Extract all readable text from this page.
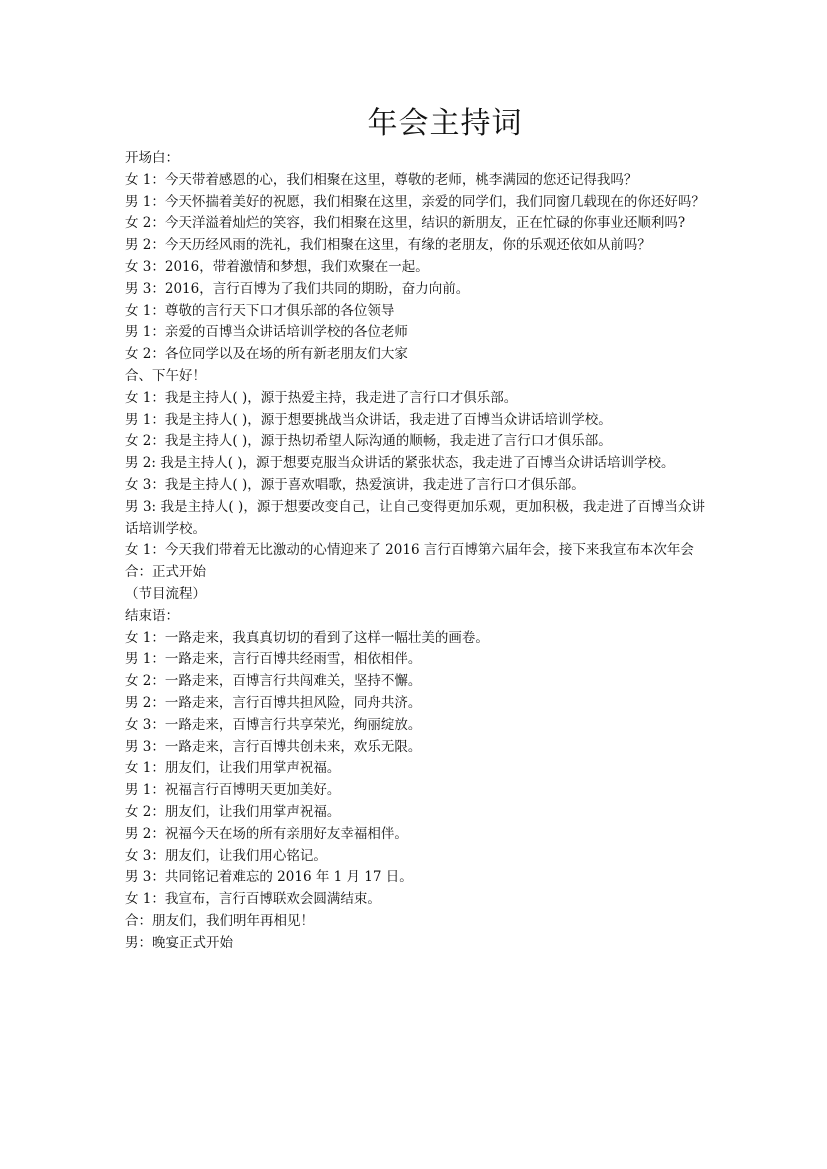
年会主持词

开场白：

女 1：今天带着感恩的心，我们相聚在这里，尊敬的老师，桃李满园的您还记得我吗？

男 1：今天怀揣着美好的祝愿，我们相聚在这里，亲爱的同学们，我们同窗几载现在的你还好吗？

女 2：今天洋溢着灿烂的笑容，我们相聚在这里，结识的新朋友，正在忙碌的你事业还顺利吗?

男 2：今天历经风雨的洗礼，我们相聚在这里，有缘的老朋友，你的乐观还依如从前吗？

女 3：2016，带着激情和梦想，我们欢聚在一起。

男 3：2016，言行百博为了我们共同的期盼，奋力向前。

女 1：尊敬的言行天下口才俱乐部的各位领导

男 1：亲爱的百博当众讲话培训学校的各位老师

女 2：各位同学以及在场的所有新老朋友们大家

合、下午好！

女 1：我是主持人( )，源于热爱主持，我走进了言行口才俱乐部。

男 1：我是主持人( )，源于想要挑战当众讲话，我走进了百博当众讲话培训学校。

女 2：我是主持人( )，源于热切希望人际沟通的顺畅，我走进了言行口才俱乐部。

男 2: 我是主持人( )，源于想要克服当众讲话的紧张状态，我走进了百博当众讲话培训学校。

女 3：我是主持人( )，源于喜欢唱歌，热爱演讲，我走进了言行口才俱乐部。

男 3: 我是主持人( )，源于想要改变自己，让自己变得更加乐观，更加积极，我走进了百博当众讲话培训学校。

女 1：今天我们带着无比激动的心情迎来了 2016 言行百博第六届年会，接下来我宣布本次年会

合：正式开始

（节目流程）

结束语：

女 1：一路走来，我真真切切的看到了这样一幅壮美的画卷。

男 1：一路走来，言行百博共经雨雪，相依相伴。

女 2：一路走来，百博言行共闯难关，坚持不懈。

男 2：一路走来，言行百博共担风险，同舟共济。

女 3：一路走来，百博言行共享荣光，绚丽绽放。

男 3：一路走来，言行百博共创未来，欢乐无限。

女 1：朋友们，让我们用掌声祝福。

男 1：祝福言行百博明天更加美好。

女 2：朋友们，让我们用掌声祝福。

男 2：祝福今天在场的所有亲朋好友幸福相伴。

女 3：朋友们，让我们用心铭记。

男 3：共同铭记着难忘的 2016 年 1 月 17 日。

女 1：我宣布，言行百博联欢会圆满结束。

合：朋友们，我们明年再相见！

男：晚宴正式开始
